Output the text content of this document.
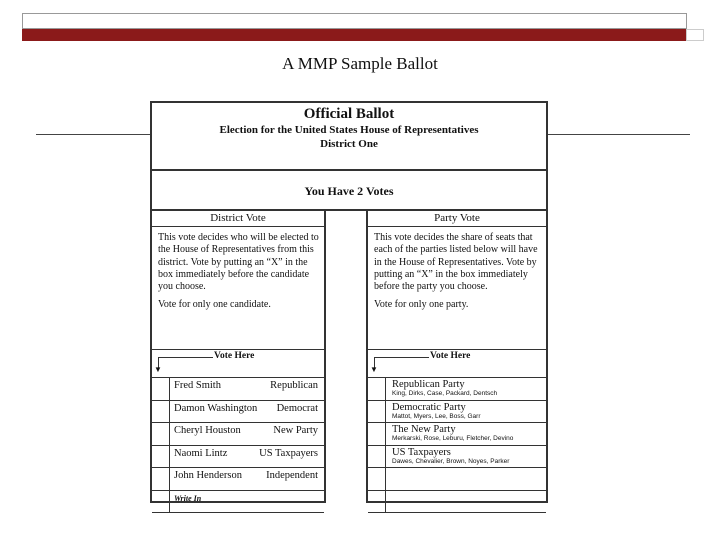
A MMP Sample Ballot
Official Ballot
Election for the United States House of Representatives
District One
You Have 2 Votes
District Vote

This vote decides who will be elected to the House of Representatives from this district. Vote by putting an “X” in the box immediately before the candidate you choose.

Vote for only one candidate.

▼
Vote Here
Fred Smith	Republican
Damon Washington Democrat
Cheryl Houston	New Party
Naomi Lintz	US Taxpayers
John Henderson Independent
Write In
Party Vote

This vote decides the share of seats that each of the parties listed below will have in the House of Representatives. Vote by putting an “X” in the box immediately before the party you choose.

Vote for only one party.

▼
Vote Here
Republican Party
King, Dirks, Case, Packard, Dentsch
Democratic Party
Mattot, Myers, Lee, Boss, Garr
The New Party
Merkarski, Rose, Leburu, Fletcher, Devino
US Taxpayers
Dawes, Chevalier, Brown, Noyes, Parker
